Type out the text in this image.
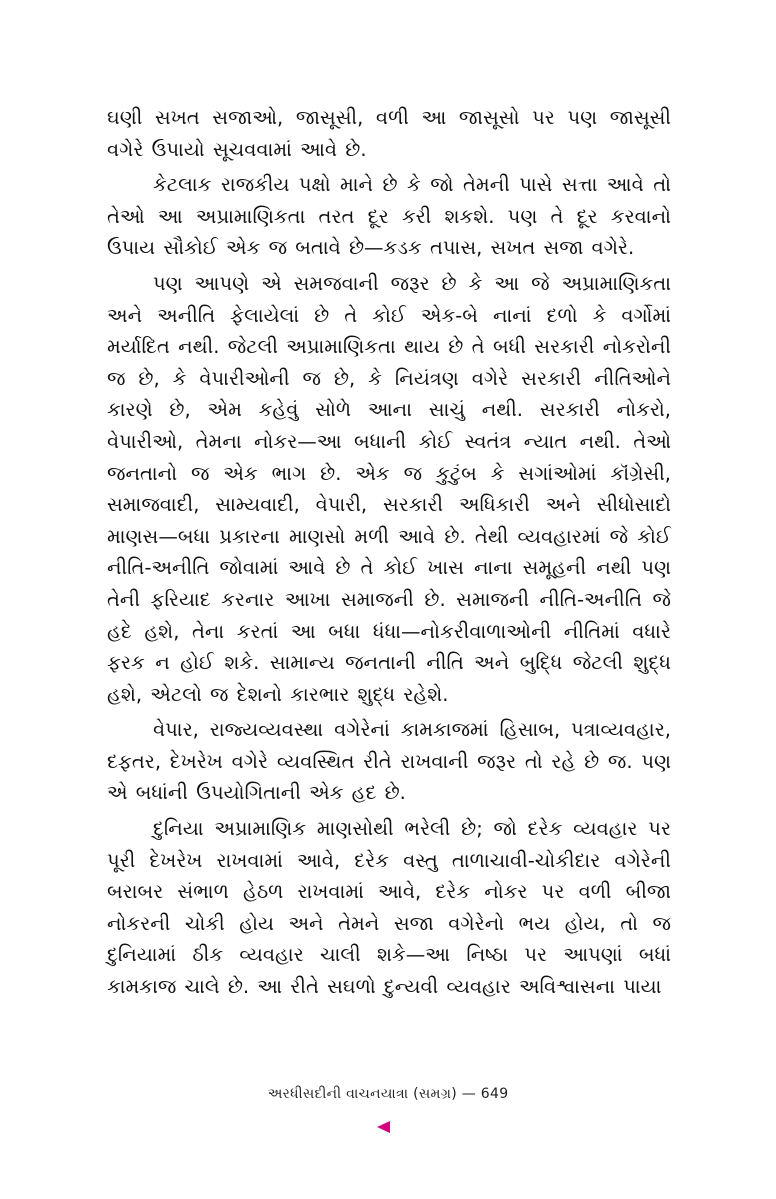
ઘણી સખત સજાઓ, જાસૂસી, વળી આ જાસૂસો પર પણ જાસૂસી વગેરે ઉપાયો સૂચવવામાં આવે છે.

કેટલાક રાજકીય પક્ષો માને છે કે જો તેમની પાસે સત્તા આવે તો તેઓ આ અપ્રામાણિકતા તરત દૂર કરી શકશે. પણ તે દૂર કરવાનો ઉપાય સૌકોઈ એક જ બતાવે છે—કડક તપાસ, સખત સજા વગેરે.

પણ આપણે એ સમજવાની જરૂર છે કે આ જે અપ્રામાણિકતા અને અનીતિ ફેલાયેલાં છે તે કોઈ એક-બે નાનાં દળો કે વર્ગોમાં મર્યાદિત નથી. જેટલી અપ્રામાણિકતા થાય છે તે બધી સરકારી નોકરોની જ છે, કે વેપારીઓની જ છે, કે નિયંત્રણ વગેરે સરકારી નીતિઓને કારણે છે, એમ કહેવું સોળે આના સાચું નથી. સરકારી નોકરો, વેપારીઓ, તેમના નોકર—આ બધાની કોઈ સ્વતંત્ર ન્યાત નથી. તેઓ જનતાનો જ એક ભાગ છે. એક જ કુટુંબ કે સગાંઓમાં કૉંગ્રેસી, સમાજવાદી, સામ્યવાદી, વેપારી, સરકારી અધિકારી અને સીધોસાદો માણસ—બધા પ્રકારના માણસો મળી આવે છે. તેથી વ્યવહારમાં જે કોઈ નીતિ-અનીતિ જોવામાં આવે છે તે કોઈ ખાસ નાના સમૂહની નથી પણ તેની ફરિયાદ કરનાર આખા સમાજની છે. સમાજની નીતિ-અનીતિ જે હદે હશે, તેના કરતાં આ બધા ધંધા—નોકરીવાળાઓની નીતિમાં વધારે ફરક ન હોઈ શકે. સામાન્ય જનતાની નીતિ અને બુદ્ધિ જેટલી શુદ્ધ હશે, એટલો જ દેશનો કારભાર શુદ્ધ રહેશે.

વેપાર, રાજ્યવ્યવસ્થા વગેરેનાં કામકાજમાં હિસાબ, પત્રાવ્યવહાર, દફતર, દેખરેખ વગેરે વ્યવસ્થિત રીતે રાખવાની જરૂર તો રહે છે જ. પણ એ બધાંની ઉપયોગિતાની એક હદ છે.

દુનિયા અપ્રામાણિક માણસોથી ભરેલી છે; જો દરેક વ્યવહાર પર પૂરી દેખરેખ રાખવામાં આવે, દરેક વસ્તુ તાળાચાવી-ચોકીદાર વગેરેની બરાબર સંભાળ હેઠળ રાખવામાં આવે, દરેક નોકર પર વળી બીજા નોકરની ચોકી હોય અને તેમને સજા વગેરેનો ભય હોય, તો જ દુનિયામાં ઠીક વ્યવહાર ચાલી શકે—આ નિષ્ઠા પર આપણાં બધાં કામકાજ ચાલે છે. આ રીતે સઘળો દુન્યવી વ્યવહાર અવિશ્વાસના પાયા

અરધીસદીની વાચનયાત્રા (સમગ્ર) — 649
